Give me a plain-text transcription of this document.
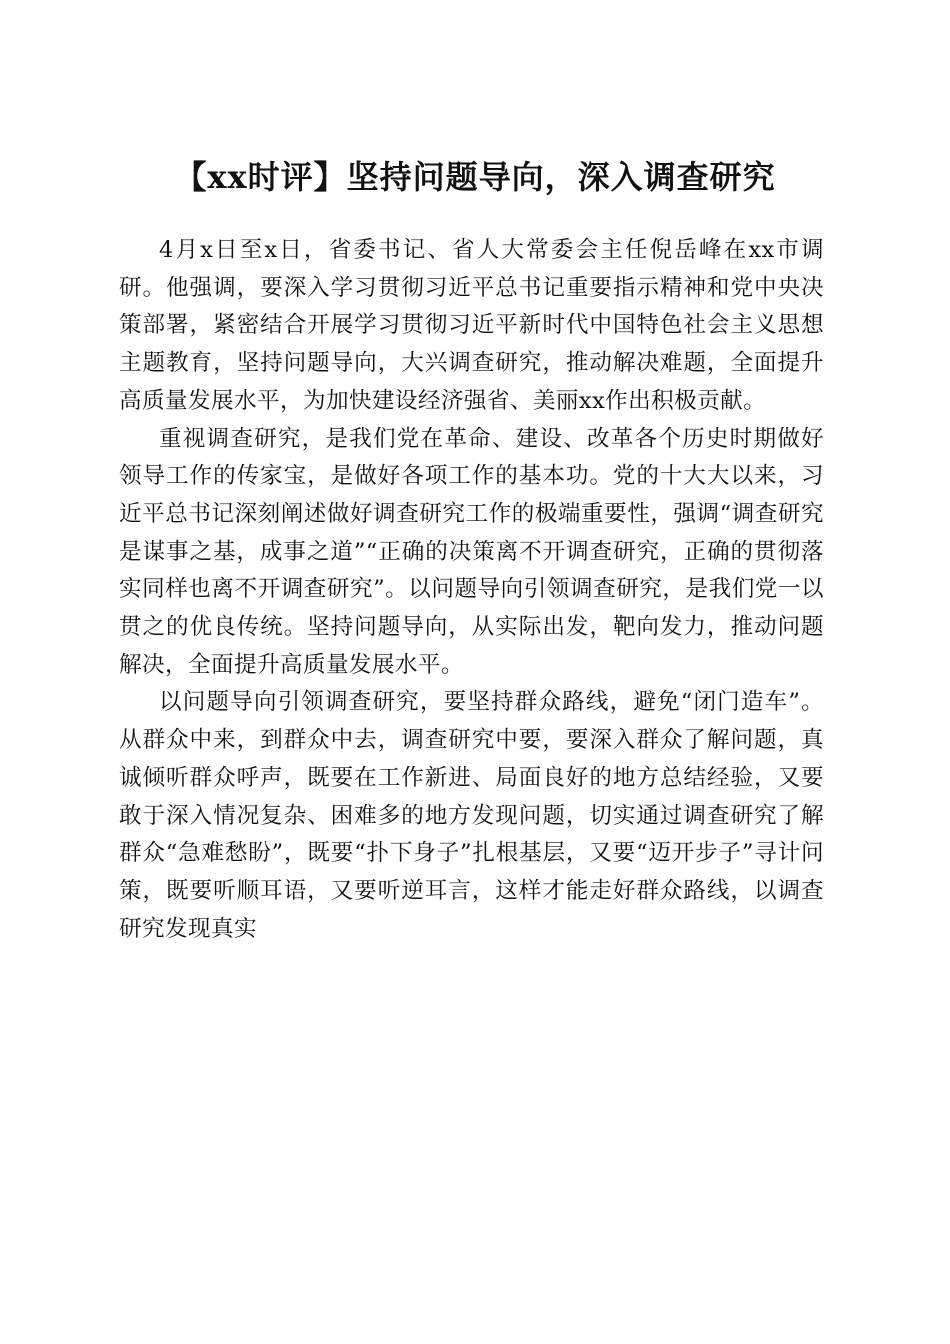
【xx时评】坚持问题导向，深入调查研究

4月x日至x日，省委书记、省人大常委会主任倪岳峰在xx市调研。他强调，要深入学习贯彻习近平总书记重要指示精神和党中央决策部署，紧密结合开展学习贯彻习近平新时代中国特色社会主义思想主题教育，坚持问题导向，大兴调查研究，推动解决难题，全面提升高质量发展水平，为加快建设经济强省、美丽xx作出积极贡献。

重视调查研究，是我们党在革命、建设、改革各个历史时期做好领导工作的传家宝，是做好各项工作的基本功。党的十大大以来，习近平总书记深刻阐述做好调查研究工作的极端重要性，强调“调查研究是谋事之基，成事之道”“正确的决策离不开调查研究，正确的贯彻落实同样也离不开调查研究”。以问题导向引领调查研究，是我们党一以贯之的优良传统。坚持问题导向，从实际出发，靶向发力，推动问题解决，全面提升高质量发展水平。

以问题导向引领调查研究，要坚持群众路线，避免“闭门造车”。从群众中来，到群众中去，调查研究中要，要深入群众了解问题，真诚倾听群众呼声，既要在工作新进、局面良好的地方总结经验，又要敢于深入情况复杂、困难多的地方发现问题，切实通过调查研究了解群众“急难愁盼”，既要“扑下身子”扎根基层，又要“迈开步子”寻计问策，既要听顺耳语，又要听逆耳言，这样才能走好群众路线，以调查研究发现真实
